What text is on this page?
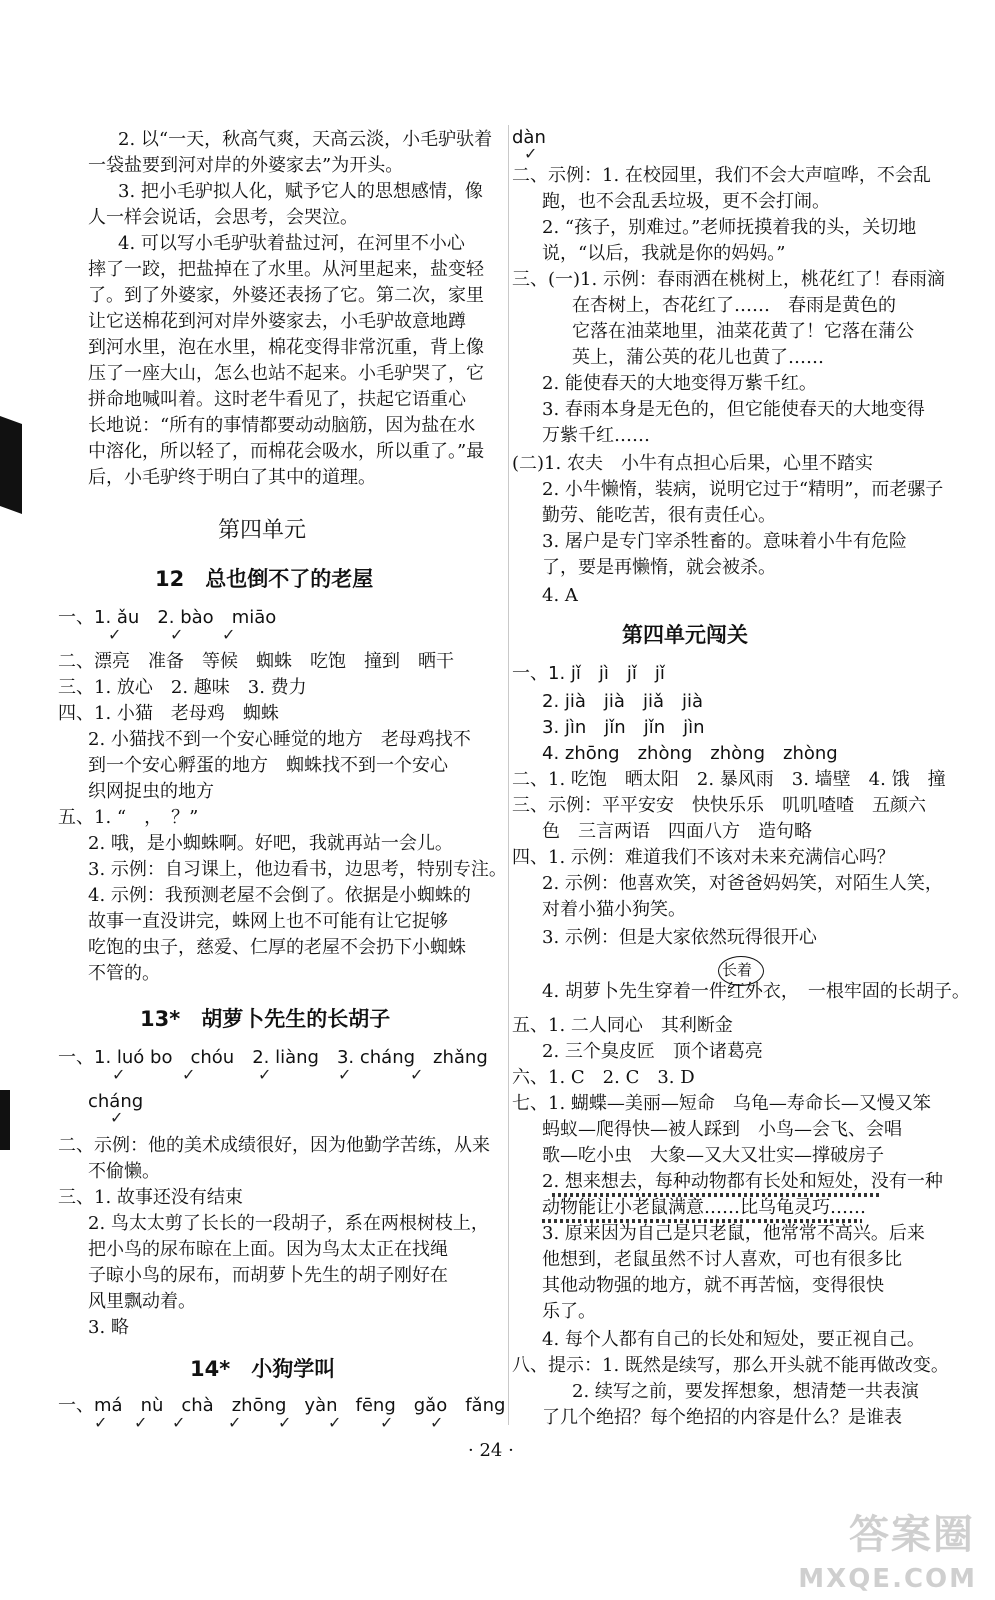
2. 以“一天，秋高气爽，天高云淡，小毛驴驮着
一袋盐要到河对岸的外婆家去”为开头。
3. 把小毛驴拟人化，赋予它人的思想感情，像
人一样会说话，会思考，会哭泣。
4. 可以写小毛驴驮着盐过河，在河里不小心
摔了一跤，把盐掉在了水里。从河里起来，盐变轻
了。到了外婆家，外婆还表扬了它。第二次，家里
让它送棉花到河对岸外婆家去，小毛驴故意地蹲
到河水里，泡在水里，棉花变得非常沉重，背上像
压了一座大山，怎么也站不起来。小毛驴哭了，它
拼命地喊叫着。这时老牛看见了，扶起它语重心
长地说：“所有的事情都要动动脑筋，因为盐在水
中溶化，所以轻了，而棉花会吸水，所以重了。”最
后，小毛驴终于明白了其中的道理。
第四单元
12　总也倒不了的老屋
一、1. ǎu　2. bào　miāo
✓	✓ ✓
二、漂亮　准备　等候　蜘蛛　吃饱　撞到　晒干
三、1. 放心　2. 趣味　3. 费力
四、1. 小猫　老母鸡　蜘蛛
2. 小猫找不到一个安心睡觉的地方　老母鸡找不
到一个安心孵蛋的地方　蜘蛛找不到一个安心
织网捉虫的地方
五、1. “　，　？”
2. 哦，是小蜘蛛啊。好吧，我就再站一会儿。
3. 示例：自习课上，他边看书，边思考，特别专注。
4. 示例：我预测老屋不会倒了。依据是小蜘蛛的
故事一直没讲完，蛛网上也不可能有让它捉够
吃饱的虫子，慈爱、仁厚的老屋不会扔下小蜘蛛
不管的。
13*　胡萝卜先生的长胡子
一、1. luó bo　chóu　2. liàng　3. cháng　zhǎng
✓	✓	✓	✓	✓
cháng
✓
二、示例：他的美术成绩很好，因为他勤学苦练，从来
不偷懒。
三、1. 故事还没有结束
2. 鸟太太剪了长长的一段胡子，系在两根树枝上，
把小鸟的尿布晾在上面。因为鸟太太正在找绳
子晾小鸟的尿布，而胡萝卜先生的胡子刚好在
风里飘动着。
3. 略
14*　小狗学叫
一、má　nù　chà　zhōng　yàn　fēng　gǎo　fǎng
✓ ✓ ✓	✓ ✓ ✓ ✓ ✓
dàn
✓
二、示例：1. 在校园里，我们不会大声喧哗，不会乱
跑，也不会乱丢垃圾，更不会打闹。
2. “孩子，别难过。”老师抚摸着我的头，关切地
说，“以后，我就是你的妈妈。”
三、(一)1. 示例：春雨洒在桃树上，桃花红了！春雨滴
在杏树上，杏花红了……　春雨是黄色的
它落在油菜地里，油菜花黄了！它落在蒲公
英上，蒲公英的花儿也黄了……
2. 能使春天的大地变得万紫千红。
3. 春雨本身是无色的，但它能使春天的大地变得
万紫千红……
(二)1. 农夫　小牛有点担心后果，心里不踏实
2. 小牛懒惰，装病，说明它过于“精明”，而老骡子
勤劳、能吃苦，很有责任心。
3. 屠户是专门宰杀牲畜的。意味着小牛有危险
了，要是再懒惰，就会被杀。
4. A
第四单元闯关
一、1. jǐ　jì　jǐ　jǐ
2. jià　jià　jiǎ　jià
3. jìn　jǐn　jǐn　jìn
4. zhōng　zhòng　zhòng　zhòng
二、1. 吃饱　晒太阳　2. 暴风雨　3. 墙壁　4. 饿　撞
三、示例：平平安安　快快乐乐　叽叽喳喳　五颜六
色　三言两语　四面八方　造句略
四、1. 示例：难道我们不该对未来充满信心吗？
2. 示例：他喜欢笑，对爸爸妈妈笑，对陌生人笑，
对着小猫小狗笑。
3. 示例：但是大家依然玩得很开心
长着
4. 胡萝卜先生穿着一件红外衣，　一根牢固的长胡子。
五、1. 二人同心　其利断金
2. 三个臭皮匠　顶个诸葛亮
六、1. C　2. C　3. D
七、1. 蝴蝶—美丽—短命　乌龟—寿命长—又慢又笨
蚂蚁—爬得快—被人踩到　小鸟—会飞、会唱
歌—吃小虫　大象—又大又壮实—撑破房子
2. 想来想去，每种动物都有长处和短处，没有一种
动物能让小老鼠满意……比乌龟灵巧……
3. 原来因为自己是只老鼠，他常常不高兴。后来
他想到，老鼠虽然不讨人喜欢，可也有很多比
其他动物强的地方，就不再苦恼，变得很快
乐了。
4. 每个人都有自己的长处和短处，要正视自己。
八、提示：1. 既然是续写，那么开头就不能再做改变。
2. 续写之前，要发挥想象，想清楚一共表演
了几个绝招？每个绝招的内容是什么？是谁表
· 24 ·
答案圈
MXQE.COM
